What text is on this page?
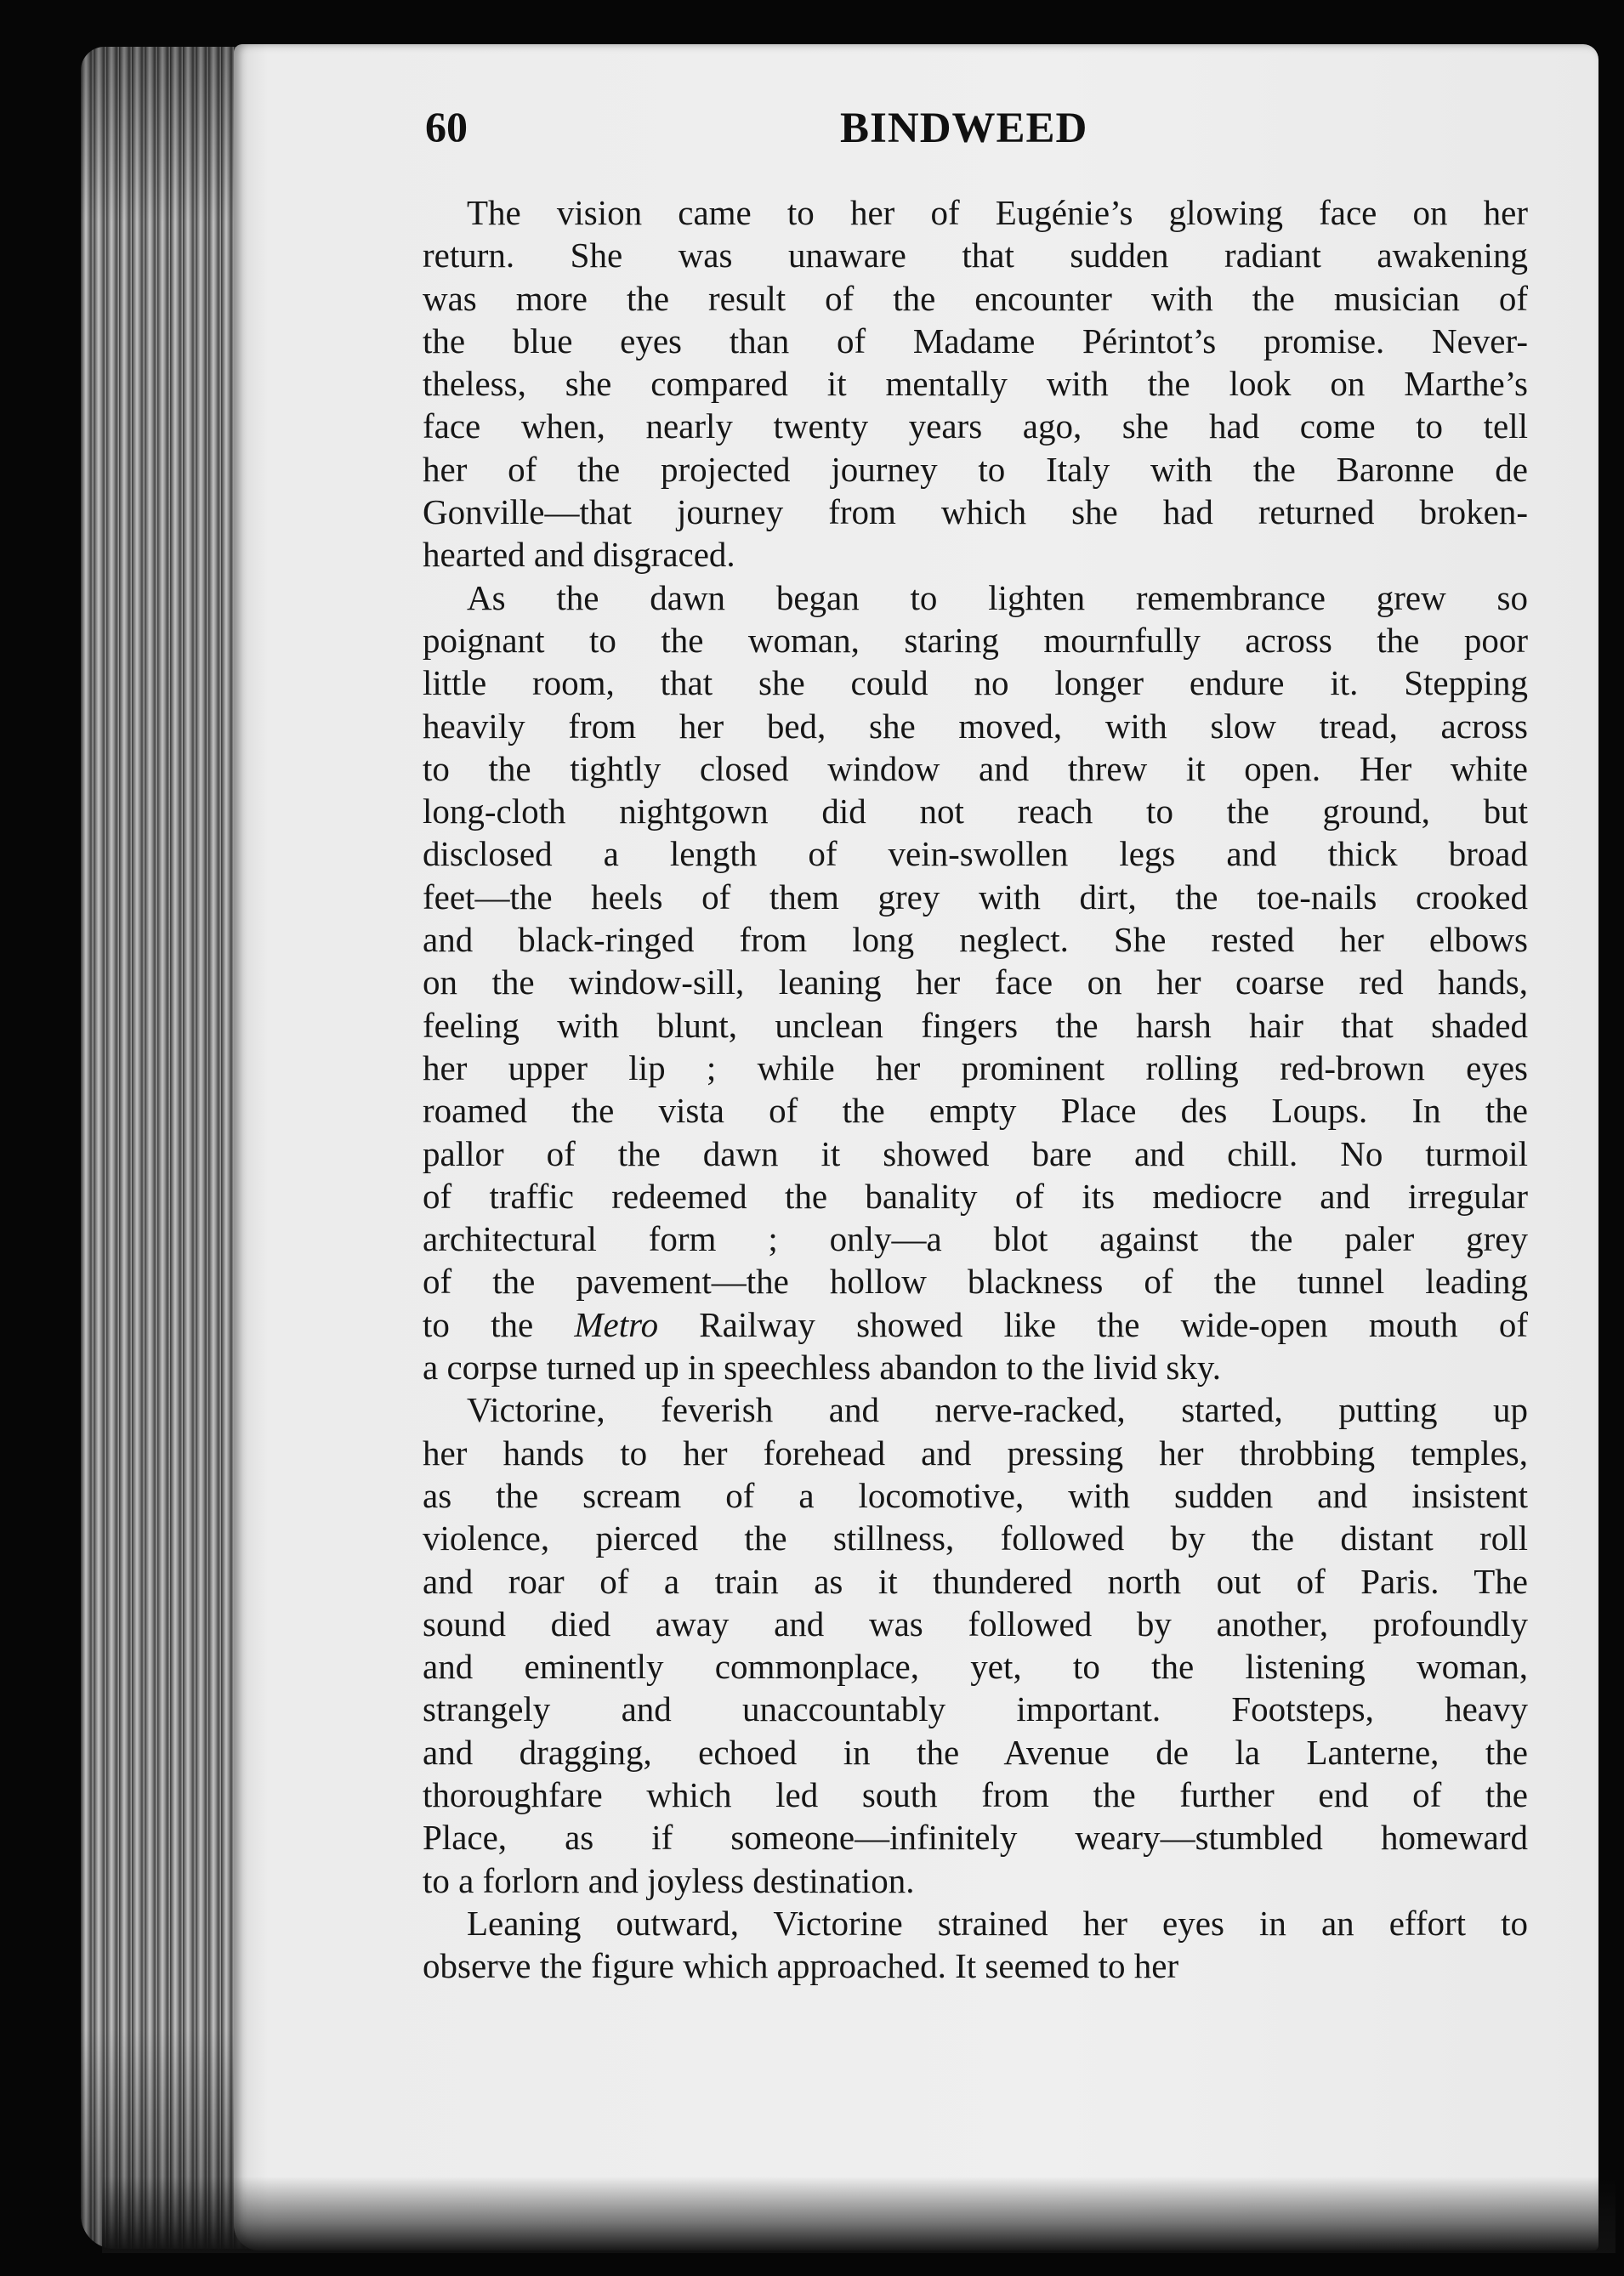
60	BINDWEED

The vision came to her of Eugénie’s glowing face on her
return. She was unaware that sudden radiant awakening
was more the result of the encounter with the musician of
the blue eyes than of Madame Périntot’s promise. Never-
theless, she compared it mentally with the look on Marthe’s
face when, nearly twenty years ago, she had come to tell
her of the projected journey to Italy with the Baronne de
Gonville—that journey from which she had returned broken-
hearted and disgraced.

As the dawn began to lighten remembrance grew so
poignant to the woman, staring mournfully across the poor
little room, that she could no longer endure it. Stepping
heavily from her bed, she moved, with slow tread, across
to the tightly closed window and threw it open. Her white
long-cloth nightgown did not reach to the ground, but
disclosed a length of vein-swollen legs and thick broad
feet—the heels of them grey with dirt, the toe-nails crooked
and black-ringed from long neglect. She rested her elbows
on the window-sill, leaning her face on her coarse red hands,
feeling with blunt, unclean fingers the harsh hair that shaded
her upper lip ; while her prominent rolling red-brown eyes
roamed the vista of the empty Place des Loups. In the
pallor of the dawn it showed bare and chill. No turmoil
of traffic redeemed the banality of its mediocre and irregular
architectural form ; only—a blot against the paler grey
of the pavement—the hollow blackness of the tunnel leading
to the Metro Railway showed like the wide-open mouth of
a corpse turned up in speechless abandon to the livid sky.

Victorine, feverish and nerve-racked, started, putting up
her hands to her forehead and pressing her throbbing temples,
as the scream of a locomotive, with sudden and insistent
violence, pierced the stillness, followed by the distant roll
and roar of a train as it thundered north out of Paris. The
sound died away and was followed by another, profoundly
and eminently commonplace, yet, to the listening woman,
strangely and unaccountably important. Footsteps, heavy
and dragging, echoed in the Avenue de la Lanterne, the
thoroughfare which led south from the further end of the
Place, as if someone—infinitely weary—stumbled homeward
to a forlorn and joyless destination.

Leaning outward, Victorine strained her eyes in an effort to
observe the figure which approached. It seemed to her
